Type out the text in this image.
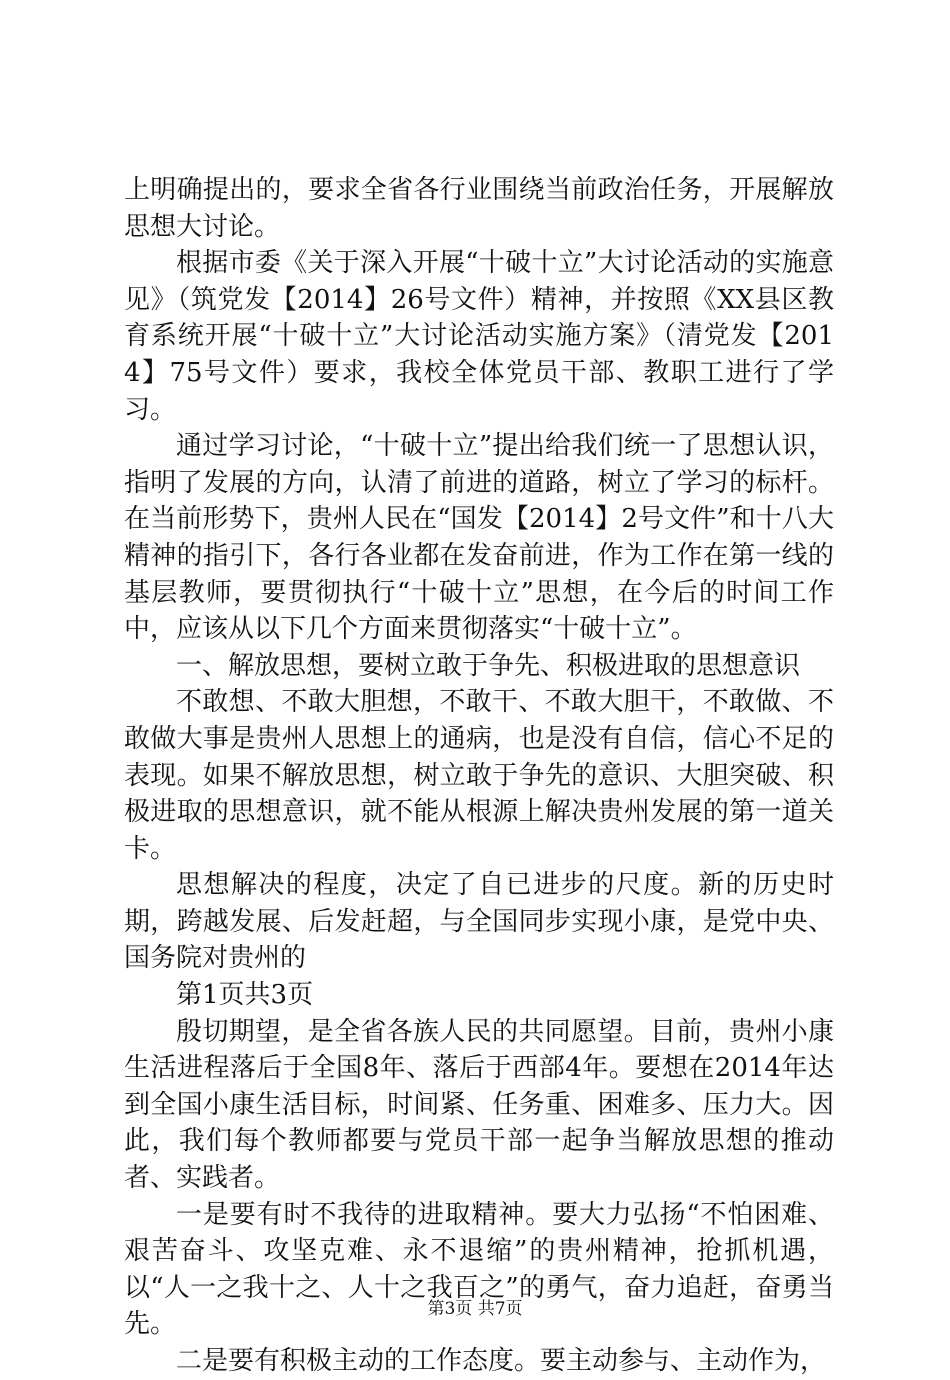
上明确提出的，要求全省各行业围绕当前政治任务，开展解放思想大讨论。

根据市委《关于深入开展“十破十立”大讨论活动的实施意见》（筑党发【2014】26号文件）精神，并按照《XX县区教育系统开展“十破十立”大讨论活动实施方案》（清党发【2014】75号文件）要求，我校全体党员干部、教职工进行了学习。

通过学习讨论，“十破十立”提出给我们统一了思想认识，指明了发展的方向，认清了前进的道路，树立了学习的标杆。在当前形势下，贵州人民在“国发【2014】2号文件”和十八大精神的指引下，各行各业都在发奋前进，作为工作在第一线的基层教师，要贯彻执行“十破十立”思想，在今后的时间工作中，应该从以下几个方面来贯彻落实“十破十立”。

一、解放思想，要树立敢于争先、积极进取的思想意识

不敢想、不敢大胆想，不敢干、不敢大胆干，不敢做、不敢做大事是贵州人思想上的通病，也是没有自信，信心不足的表现。如果不解放思想，树立敢于争先的意识、大胆突破、积极进取的思想意识，就不能从根源上解决贵州发展的第一道关卡。

思想解决的程度，决定了自已进步的尺度。新的历史时期，跨越发展、后发赶超，与全国同步实现小康，是党中央、国务院对贵州的

第1页共3页

殷切期望，是全省各族人民的共同愿望。目前，贵州小康生活进程落后于全国8年、落后于西部4年。要想在2014年达到全国小康生活目标，时间紧、任务重、困难多、压力大。因此，我们每个教师都要与党员干部一起争当解放思想的推动者、实践者。

一是要有时不我待的进取精神。要大力弘扬“不怕困难、艰苦奋斗、攻坚克难、永不退缩”的贵州精神，抢抓机遇，以“人一之我十之、人十之我百之”的勇气，奋力追赶，奋勇当先。

二是要有积极主动的工作态度。要主动参与、主动作为，

第3页 共7页
